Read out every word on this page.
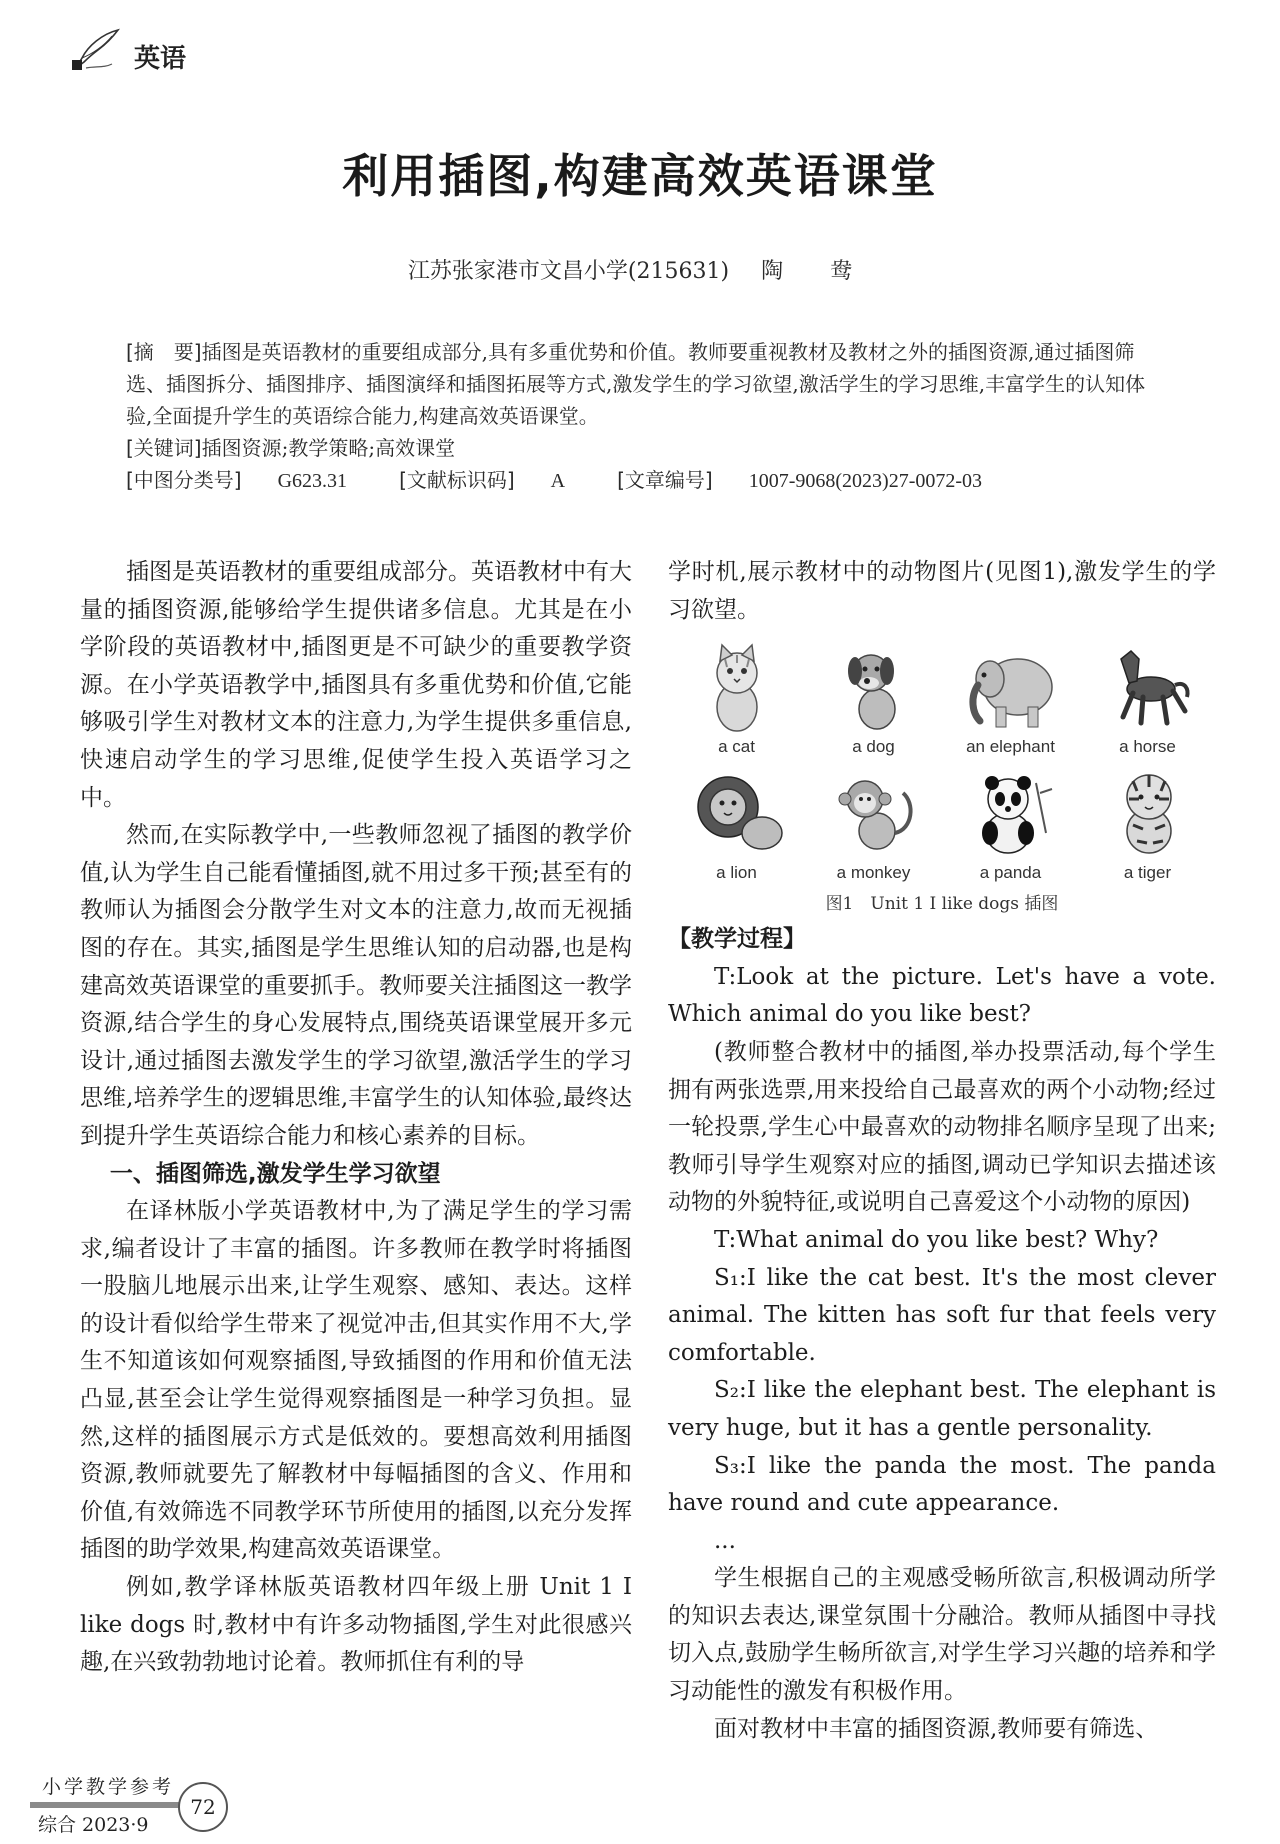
英语
利用插图,构建高效英语课堂
江苏张家港市文昌小学(215631) 陶 鸯

[摘　要]插图是英语教材的重要组成部分,具有多重优势和价值。教师要重视教材及教材之外的插图资源,通过插图筛选、插图拆分、插图排序、插图演绎和插图拓展等方式,激发学生的学习欲望,激活学生的学习思维,丰富学生的认知体验,全面提升学生的英语综合能力,构建高效英语课堂。

[关键词]插图资源;教学策略;高效课堂

[中图分类号] G623.31	[文献标识码] A	[文章编号] 1007-9068(2023)27-0072-03

插图是英语教材的重要组成部分。英语教材中有大量的插图资源,能够给学生提供诸多信息。尤其是在小学阶段的英语教材中,插图更是不可缺少的重要教学资源。在小学英语教学中,插图具有多重优势和价值,它能够吸引学生对教材文本的注意力,为学生提供多重信息,快速启动学生的学习思维,促使学生投入英语学习之中。

然而,在实际教学中,一些教师忽视了插图的教学价值,认为学生自己能看懂插图,就不用过多干预;甚至有的教师认为插图会分散学生对文本的注意力,故而无视插图的存在。其实,插图是学生思维认知的启动器,也是构建高效英语课堂的重要抓手。教师要关注插图这一教学资源,结合学生的身心发展特点,围绕英语课堂展开多元设计,通过插图去激发学生的学习欲望,激活学生的学习思维,培养学生的逻辑思维,丰富学生的认知体验,最终达到提升学生英语综合能力和核心素养的目标。

一、插图筛选,激发学生学习欲望

在译林版小学英语教材中,为了满足学生的学习需求,编者设计了丰富的插图。许多教师在教学时将插图一股脑儿地展示出来,让学生观察、感知、表达。这样的设计看似给学生带来了视觉冲击,但其实作用不大,学生不知道该如何观察插图,导致插图的作用和价值无法凸显,甚至会让学生觉得观察插图是一种学习负担。显然,这样的插图展示方式是低效的。要想高效利用插图资源,教师就要先了解教材中每幅插图的含义、作用和价值,有效筛选不同教学环节所使用的插图,以充分发挥插图的助学效果,构建高效英语课堂。

例如,教学译林版英语教材四年级上册 Unit 1 I like dogs 时,教材中有许多动物插图,学生对此很感兴趣,在兴致勃勃地讨论着。教师抓住有利的导

学时机,展示教材中的动物图片(见图1),激发学生的学习欲望。

a cat	a dog	an elephant	a horse
a lion	a monkey	a panda	a tiger
图1　Unit 1 I like dogs 插图
【教学过程】

T:Look at the picture. Let's have a vote. Which animal do you like best?

(教师整合教材中的插图,举办投票活动,每个学生拥有两张选票,用来投给自己最喜欢的两个小动物;经过一轮投票,学生心中最喜欢的动物排名顺序呈现了出来;教师引导学生观察对应的插图,调动已学知识去描述该动物的外貌特征,或说明自己喜爱这个小动物的原因)

T:What animal do you like best? Why?

S₁:I like the cat best. It's the most clever animal. The kitten has soft fur that feels very comfortable.

S₂:I like the elephant best. The elephant is very huge, but it has a gentle personality.

S₃:I like the panda the most. The panda have round and cute appearance.

...

学生根据自己的主观感受畅所欲言,积极调动所学的知识去表达,课堂氛围十分融洽。教师从插图中寻找切入点,鼓励学生畅所欲言,对学生学习兴趣的培养和学习动能性的激发有积极作用。

面对教材中丰富的插图资源,教师要有筛选、

小学教学参考
综合 2023·9
72
